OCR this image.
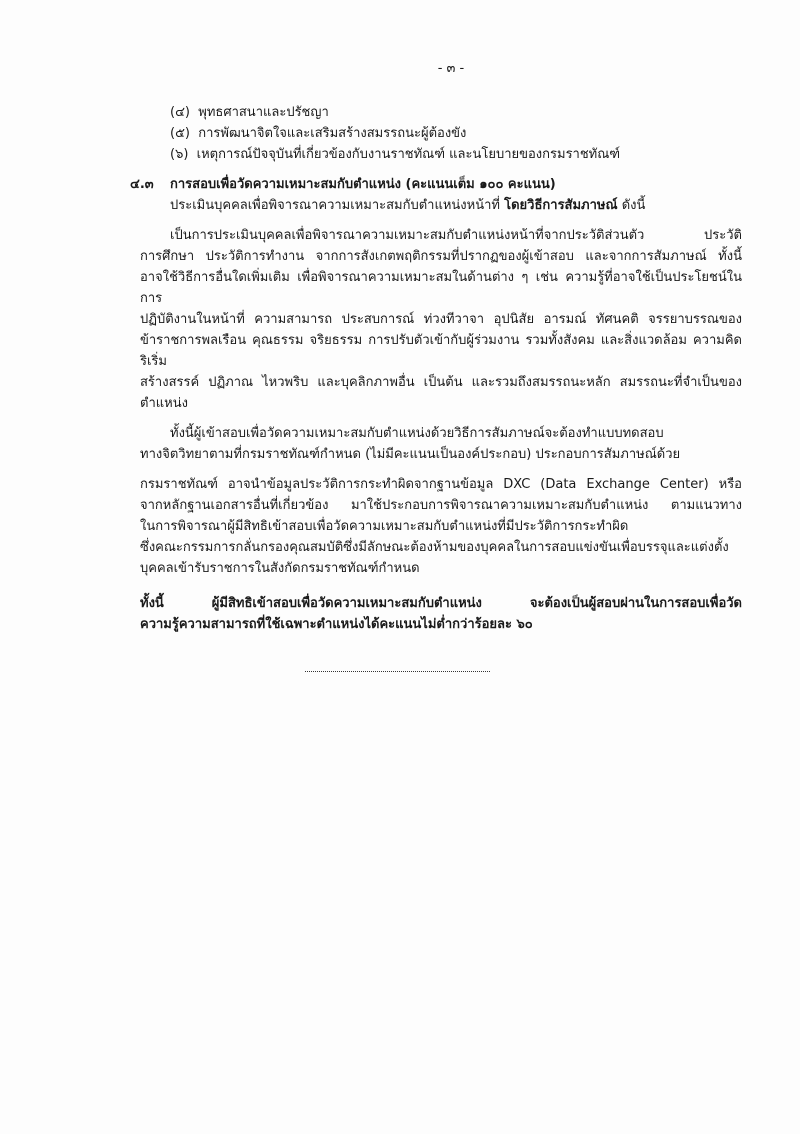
- ๓ -
(๔) พุทธศาสนาและปรัชญา
(๕) การพัฒนาจิตใจและเสริมสร้างสมรรถนะผู้ต้องขัง
(๖) เหตุการณ์ปัจจุบันที่เกี่ยวข้องกับงานราชทัณฑ์ และนโยบายของกรมราชทัณฑ์
๔.๓	การสอบเพื่อวัดความเหมาะสมกับตำแหน่ง (คะแนนเต็ม ๑๐๐ คะแนน)
ประเมินบุคคลเพื่อพิจารณาความเหมาะสมกับตำแหน่งหน้าที่ โดยวิธีการสัมภาษณ์ ดังนี้
เป็นการประเมินบุคคลเพื่อพิจารณาความเหมาะสมกับตำแหน่งหน้าที่จากประวัติส่วนตัว ประวัติ
การศึกษา ประวัติการทำงาน จากการสังเกตพฤติกรรมที่ปรากฏของผู้เข้าสอบ และจากการสัมภาษณ์ ทั้งนี้
อาจใช้วิธีการอื่นใดเพิ่มเติม เพื่อพิจารณาความเหมาะสมในด้านต่าง ๆ เช่น ความรู้ที่อาจใช้เป็นประโยชน์ในการ
ปฏิบัติงานในหน้าที่ ความสามารถ ประสบการณ์ ท่วงทีวาจา อุปนิสัย อารมณ์ ทัศนคติ จรรยาบรรณของ
ข้าราชการพลเรือน คุณธรรม จริยธรรม การปรับตัวเข้ากับผู้ร่วมงาน รวมทั้งสังคม และสิ่งแวดล้อม ความคิดริเริ่ม
สร้างสรรค์ ปฏิภาณ ไหวพริบ และบุคลิกภาพอื่น เป็นต้น และรวมถึงสมรรถนะหลัก สมรรถนะที่จำเป็นของตำแหน่ง
ทั้งนี้ผู้เข้าสอบเพื่อวัดความเหมาะสมกับตำแหน่งด้วยวิธีการสัมภาษณ์จะต้องทำแบบทดสอบ
ทางจิตวิทยาตามที่กรมราชทัณฑ์กำหนด (ไม่มีคะแนนเป็นองค์ประกอบ) ประกอบการสัมภาษณ์ด้วย
กรมราชทัณฑ์ อาจนำข้อมูลประวัติการกระทำผิดจากฐานข้อมูล DXC (Data Exchange Center) หรือ
จากหลักฐานเอกสารอื่นที่เกี่ยวข้อง มาใช้ประกอบการพิจารณาความเหมาะสมกับตำแหน่ง ตามแนวทาง
ในการพิจารณาผู้มีสิทธิเข้าสอบเพื่อวัดความเหมาะสมกับตำแหน่งที่มีประวัติการกระทำผิด
ซึ่งคณะกรรมการกลั่นกรองคุณสมบัติซึ่งมีลักษณะต้องห้ามของบุคคลในการสอบแข่งขันเพื่อบรรจุและแต่งตั้ง
บุคคลเข้ารับราชการในสังกัดกรมราชทัณฑ์กำหนด
ทั้งนี้ ผู้มีสิทธิเข้าสอบเพื่อวัดความเหมาะสมกับตำแหน่ง จะต้องเป็นผู้สอบผ่านในการสอบเพื่อวัด
ความรู้ความสามารถที่ใช้เฉพาะตำแหน่งได้คะแนนไม่ต่ำกว่าร้อยละ ๖๐
